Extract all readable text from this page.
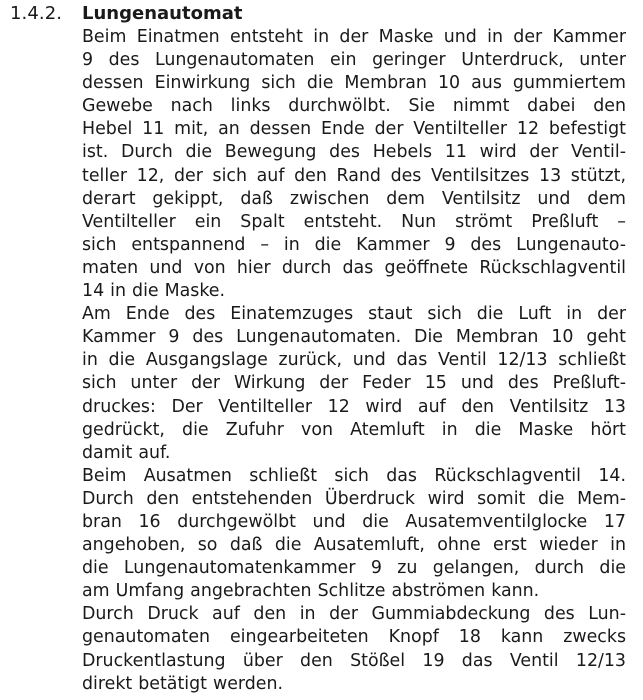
1.4.2. Lungenautomat
Beim Einatmen entsteht in der Maske und in der Kammer
9 des Lungenautomaten ein geringer Unterdruck, unter
dessen Einwirkung sich die Membran 10 aus gummiertem
Gewebe nach links durchwölbt. Sie nimmt dabei den
Hebel 11 mit, an dessen Ende der Ventilteller 12 befestigt
ist. Durch die Bewegung des Hebels 11 wird der Ventil-
teller 12, der sich auf den Rand des Ventilsitzes 13 stützt,
derart gekippt, daß zwischen dem Ventilsitz und dem
Ventilteller ein Spalt entsteht. Nun strömt Preßluft –
sich entspannend – in die Kammer 9 des Lungenauto-
maten und von hier durch das geöffnete Rückschlagventil
14 in die Maske.
Am Ende des Einatemzuges staut sich die Luft in der
Kammer 9 des Lungenautomaten. Die Membran 10 geht
in die Ausgangslage zurück, und das Ventil 12/13 schließt
sich unter der Wirkung der Feder 15 und des Preßluft-
druckes: Der Ventilteller 12 wird auf den Ventilsitz 13
gedrückt, die Zufuhr von Atemluft in die Maske hört
damit auf.
Beim Ausatmen schließt sich das Rückschlagventil 14.
Durch den entstehenden Überdruck wird somit die Mem-
bran 16 durchgewölbt und die Ausatemventilglocke 17
angehoben, so daß die Ausatemluft, ohne erst wieder in
die Lungenautomatenkammer 9 zu gelangen, durch die
am Umfang angebrachten Schlitze abströmen kann.
Durch Druck auf den in der Gummiabdeckung des Lun-
genautomaten eingearbeiteten Knopf 18 kann zwecks
Druckentlastung über den Stößel 19 das Ventil 12/13
direkt betätigt werden.
